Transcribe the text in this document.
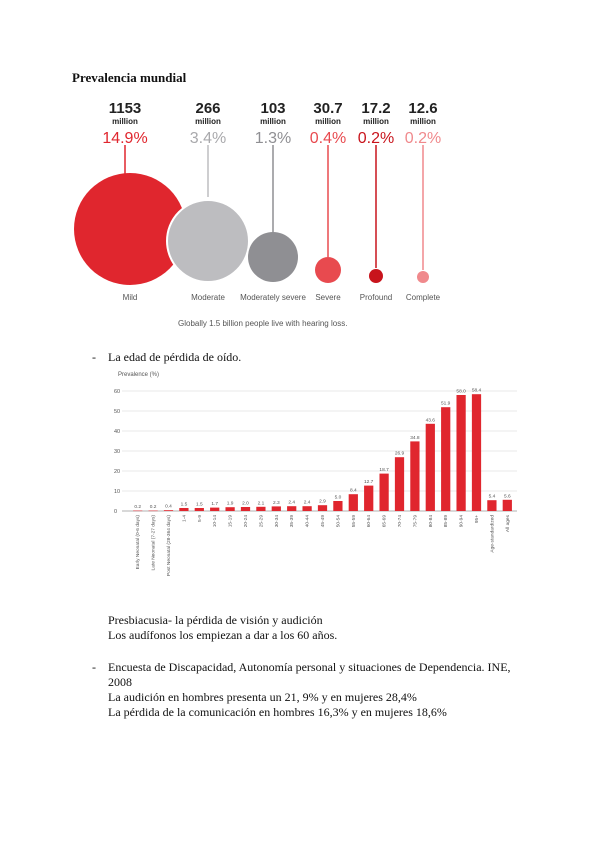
Prevalencia mundial
1153
million
14.9%
266
million
3.4%
103
million
1.3%
30.7
million
0.4%
17.2
million
0.2%
12.6
million
0.2%
Mild	Moderate	Moderately severe	Severe	Profound	Complete
Globally 1.5 billion people live with hearing loss.
- La edad de pérdida de oído.
Prevalence (%)
0
10
20
30
40
50
60
0.2 0.2 0.4 1.5 1.5 1.7 1.9 2.0 2.1 2.3 2.4 2.4 2.9
5.0
8.4
12.7
18.7
26.9
34.8
43.6
51.9
58.0 58.4
5.4 5.6
Early Neonatal (0-6 days) Late Neonatal (7-27 days) Post Neonatal (28-364 days) 1-4 5-9 10-14 15-19 20-24 25-29 30-34 35-39 40-44 45-49 50-54 55-59 60-64 65-69 70-74 75-79 80-84 85-89 90-94 95+ Age-standardized All ages
Presbiacusia- la pérdida de visión y audición
Los audífonos los empiezan a dar a los 60 años.
- Encuesta de Discapacidad, Autonomía personal y situaciones de Dependencia. INE,
2008
La audición en hombres presenta un 21, 9% y en mujeres 28,4%
La pérdida de la comunicación en hombres 16,3% y en mujeres 18,6%
